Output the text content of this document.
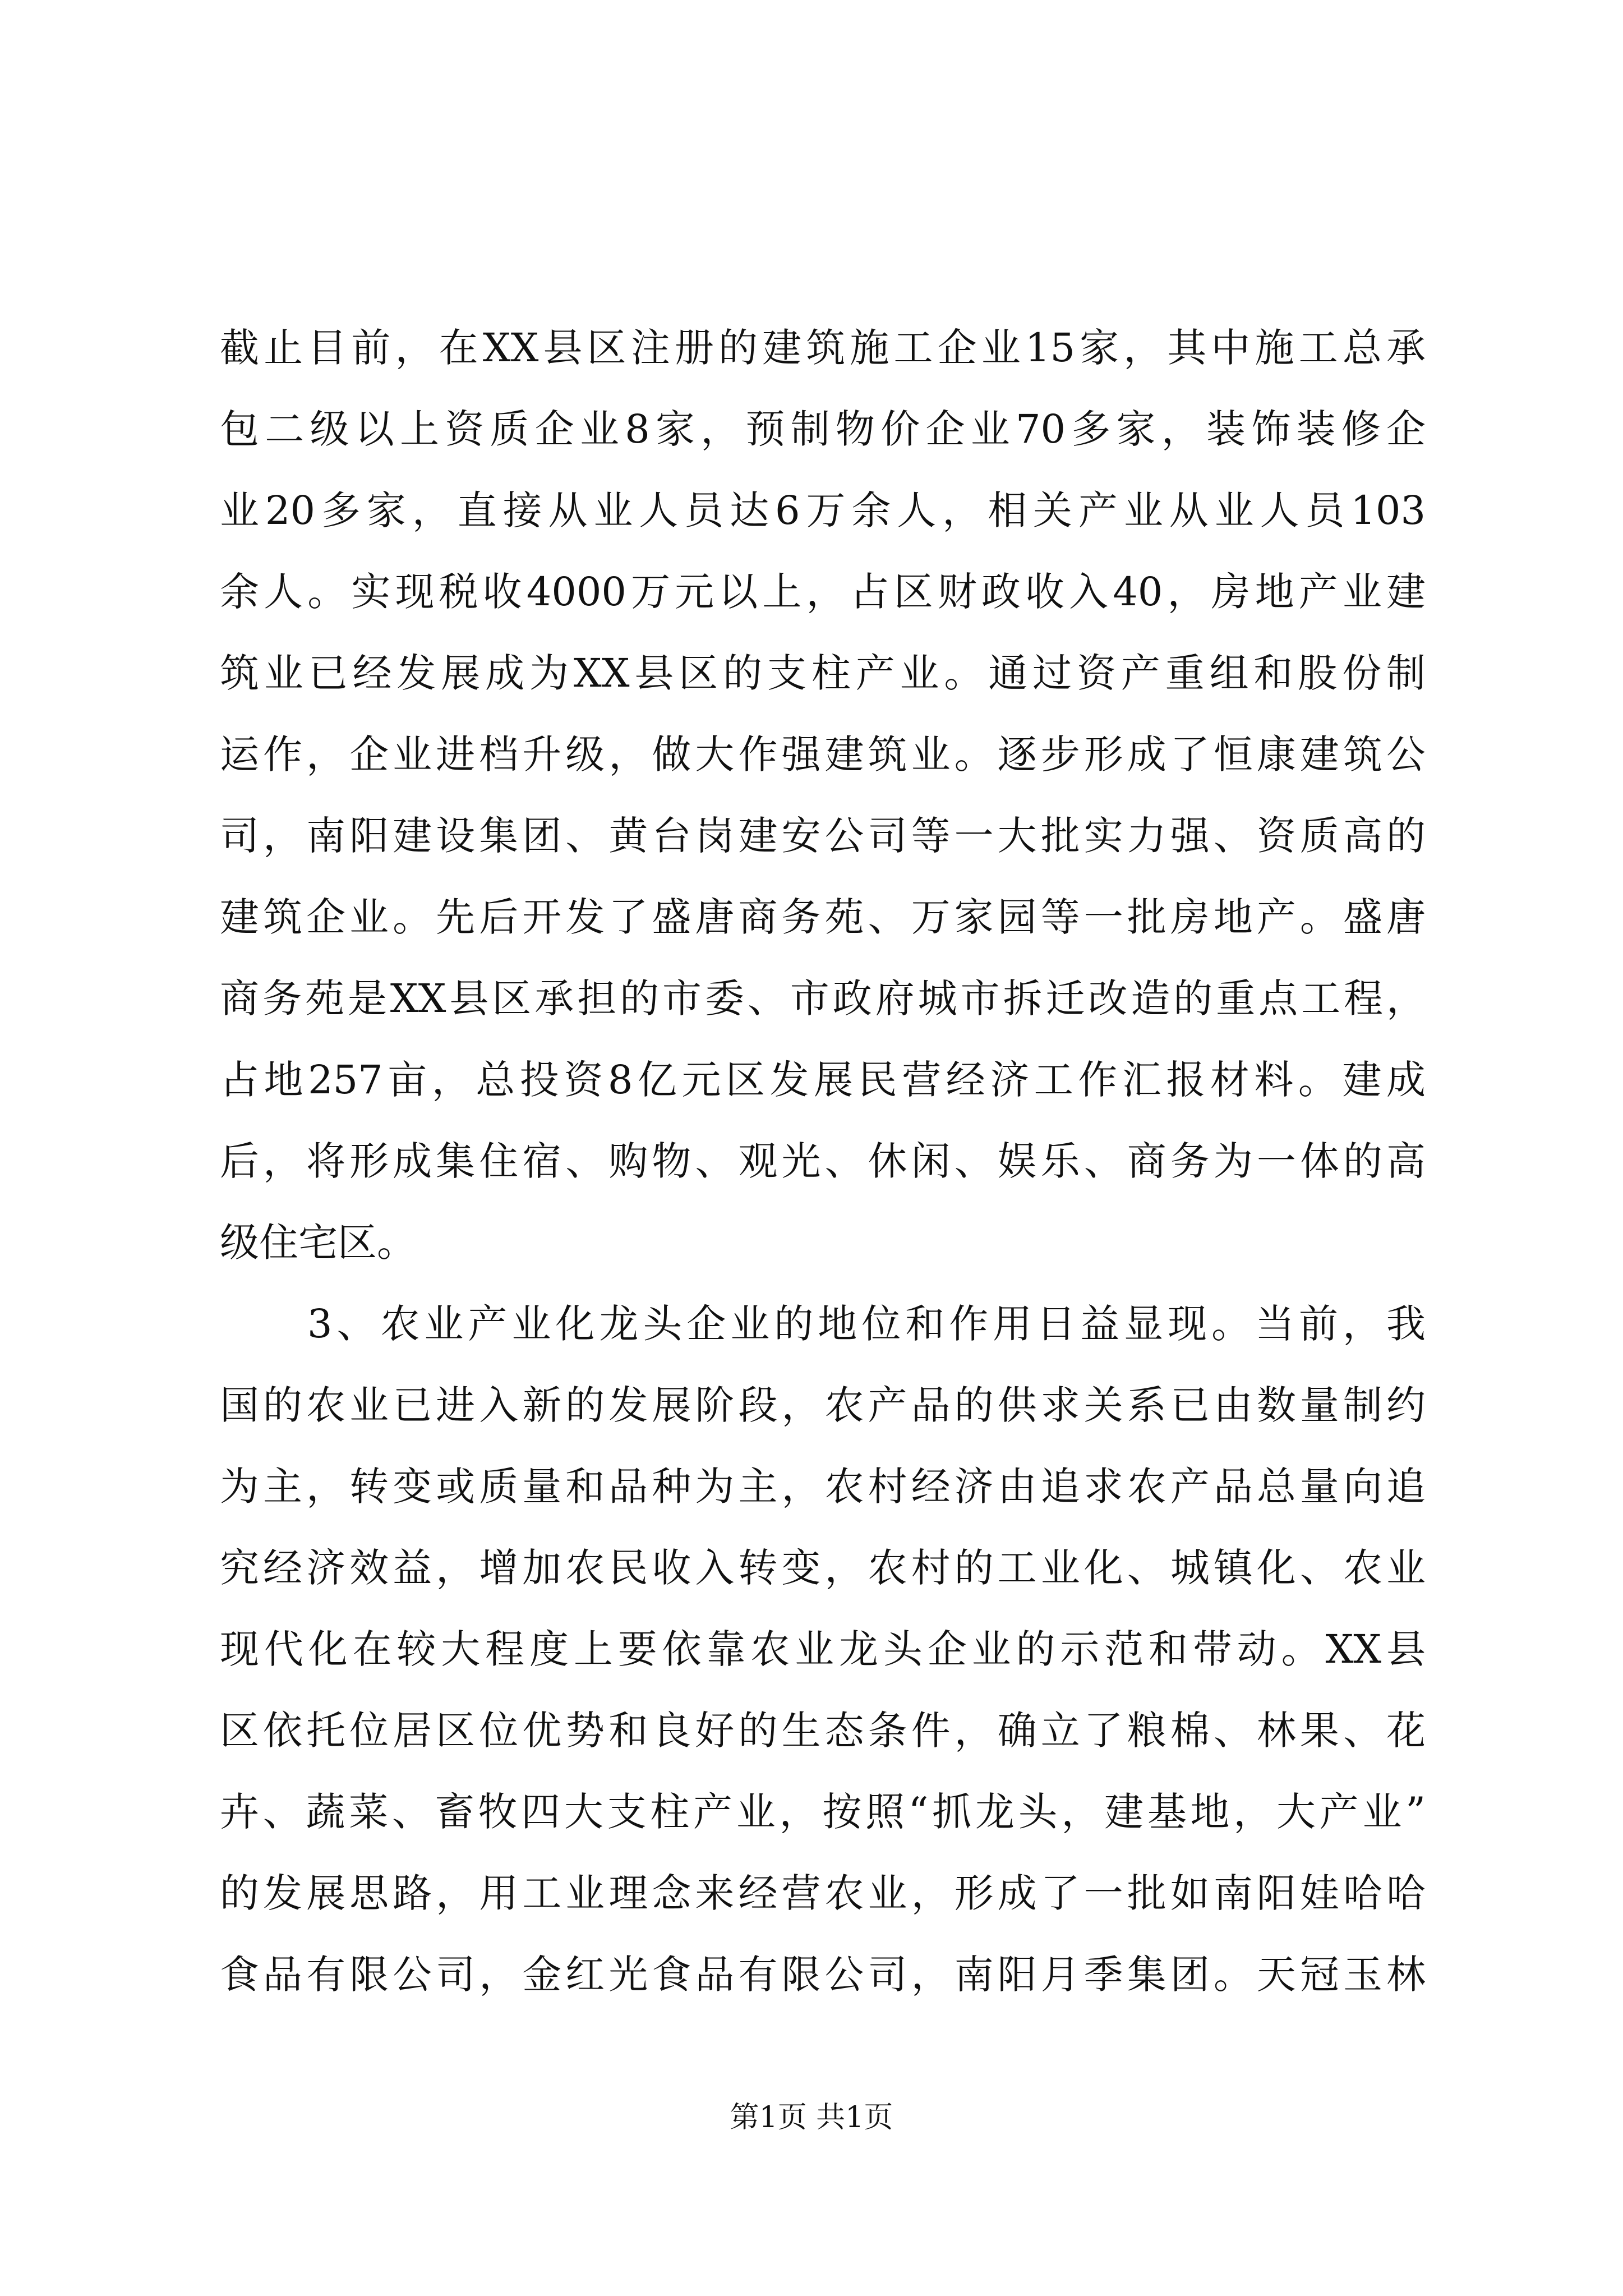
截止目前，在XX县区注册的建筑施工企业15家，其中施工总承
包二级以上资质企业8家，预制物价企业70多家，装饰装修企
业20多家，直接从业人员达6万余人，相关产业从业人员103
余人。实现税收4000万元以上，占区财政收入40，房地产业建
筑业已经发展成为XX县区的支柱产业。通过资产重组和股份制
运作，企业进档升级，做大作强建筑业。逐步形成了恒康建筑公
司，南阳建设集团、黄台岗建安公司等一大批实力强、资质高的
建筑企业。先后开发了盛唐商务苑、万家园等一批房地产。盛唐
商务苑是XX县区承担的市委、市政府城市拆迁改造的重点工程，
占地257亩，总投资8亿元区发展民营经济工作汇报材料。建成
后，将形成集住宿、购物、观光、休闲、娱乐、商务为一体的高
级住宅区。
　　3、农业产业化龙头企业的地位和作用日益显现。当前，我
国的农业已进入新的发展阶段，农产品的供求关系已由数量制约
为主，转变或质量和品种为主，农村经济由追求农产品总量向追
究经济效益，增加农民收入转变，农村的工业化、城镇化、农业
现代化在较大程度上要依靠农业龙头企业的示范和带动。XX县
区依托位居区位优势和良好的生态条件，确立了粮棉、林果、花
卉、蔬菜、畜牧四大支柱产业，按照“抓龙头，建基地，大产业”
的发展思路，用工业理念来经营农业，形成了一批如南阳娃哈哈
食品有限公司，金红光食品有限公司，南阳月季集团。天冠玉林
第1页 共1页
